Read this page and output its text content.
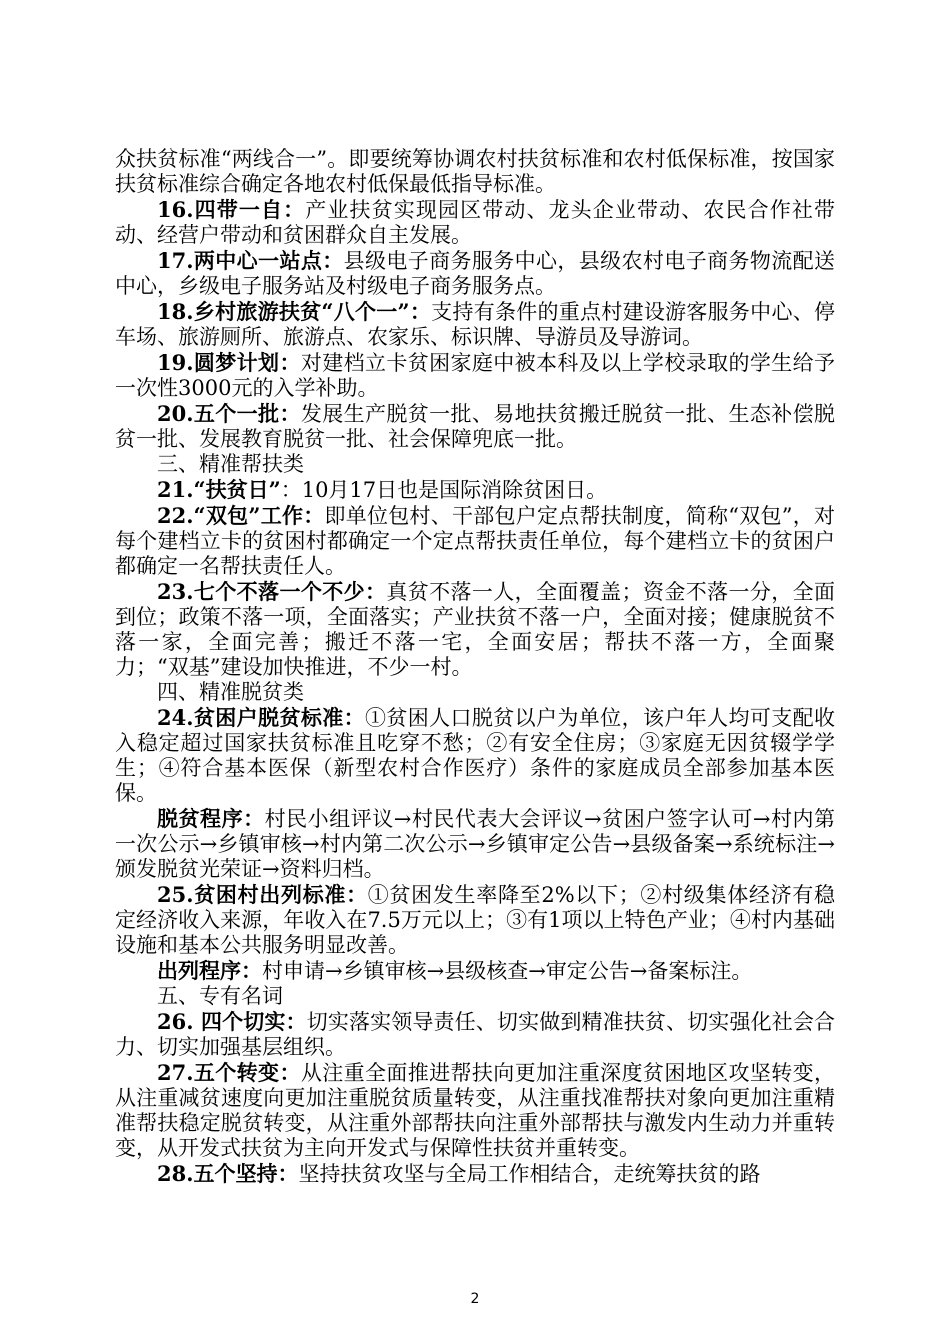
众扶贫标准“两线合一”。即要统筹协调农村扶贫标准和农村低保标准，按国家扶贫标准综合确定各地农村低保最低指导标准。

16.四带一自：产业扶贫实现园区带动、龙头企业带动、农民合作社带动、经营户带动和贫困群众自主发展。

17.两中心一站点：县级电子商务服务中心，县级农村电子商务物流配送中心，乡级电子服务站及村级电子商务服务点。

18.乡村旅游扶贫“八个一”：支持有条件的重点村建设游客服务中心、停车场、旅游厕所、旅游点、农家乐、标识牌、导游员及导游词。

19.圆梦计划：对建档立卡贫困家庭中被本科及以上学校录取的学生给予一次性3000元的入学补助。

20.五个一批：发展生产脱贫一批、易地扶贫搬迁脱贫一批、生态补偿脱贫一批、发展教育脱贫一批、社会保障兜底一批。

三、精准帮扶类

21.“扶贫日”：10月17日也是国际消除贫困日。

22.“双包”工作：即单位包村、干部包户定点帮扶制度，简称“双包”，对每个建档立卡的贫困村都确定一个定点帮扶责任单位，每个建档立卡的贫困户都确定一名帮扶责任人。

23.七个不落一个不少：真贫不落一人，全面覆盖；资金不落一分，全面到位；政策不落一项，全面落实；产业扶贫不落一户，全面对接；健康脱贫不落一家，全面完善；搬迁不落一宅，全面安居；帮扶不落一方，全面聚力；“双基”建设加快推进，不少一村。

四、精准脱贫类

24.贫困户脱贫标准：①贫困人口脱贫以户为单位，该户年人均可支配收入稳定超过国家扶贫标准且吃穿不愁；②有安全住房；③家庭无因贫辍学学生；④符合基本医保（新型农村合作医疗）条件的家庭成员全部参加基本医保。

脱贫程序：村民小组评议→村民代表大会评议→贫困户签字认可→村内第一次公示→乡镇审核→村内第二次公示→乡镇审定公告→县级备案→系统标注→颁发脱贫光荣证→资料归档。

25.贫困村出列标准：①贫困发生率降至2%以下；②村级集体经济有稳定经济收入来源，年收入在7.5万元以上；③有1项以上特色产业；④村内基础设施和基本公共服务明显改善。

出列程序：村申请→乡镇审核→县级核查→审定公告→备案标注。

五、专有名词

26. 四个切实：切实落实领导责任、切实做到精准扶贫、切实强化社会合力、切实加强基层组织。

27.五个转变：从注重全面推进帮扶向更加注重深度贫困地区攻坚转变，从注重减贫速度向更加注重脱贫质量转变，从注重找准帮扶对象向更加注重精准帮扶稳定脱贫转变，从注重外部帮扶向注重外部帮扶与激发内生动力并重转变，从开发式扶贫为主向开发式与保障性扶贫并重转变。

28.五个坚持：坚持扶贫攻坚与全局工作相结合，走统筹扶贫的路

2
